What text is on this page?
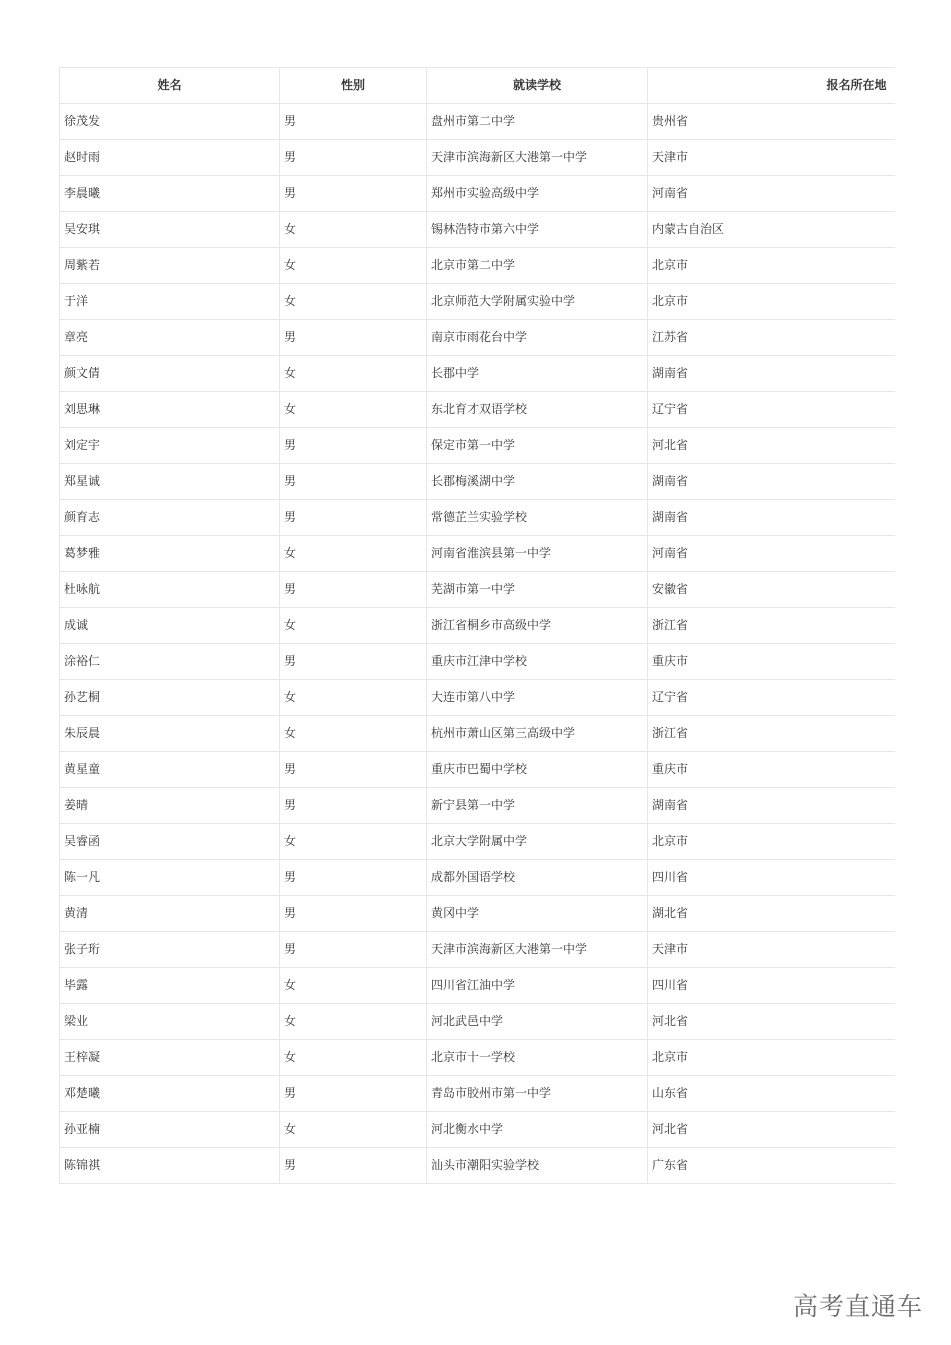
姓名	性别	就读学校	报名所在地
徐茂发	男	盘州市第二中学	贵州省
赵时雨	男	天津市滨海新区大港第一中学	天津市
李晨曦	男	郑州市实验高级中学	河南省
吴安琪	女	锡林浩特市第六中学	内蒙古自治区
周紫若	女	北京市第二中学	北京市
于洋	女	北京师范大学附属实验中学	北京市
章亮	男	南京市雨花台中学	江苏省
颜文倩	女	长郡中学	湖南省
刘思琳	女	东北育才双语学校	辽宁省
刘定宇	男	保定市第一中学	河北省
郑星诚	男	长郡梅溪湖中学	湖南省
颜育志	男	常德芷兰实验学校	湖南省
葛梦雅	女	河南省淮滨县第一中学	河南省
杜咏航	男	芜湖市第一中学	安徽省
成诚	女	浙江省桐乡市高级中学	浙江省
涂裕仁	男	重庆市江津中学校	重庆市
孙艺桐	女	大连市第八中学	辽宁省
朱辰晨	女	杭州市萧山区第三高级中学	浙江省
黄星童	男	重庆市巴蜀中学校	重庆市
姜晴	男	新宁县第一中学	湖南省
吴睿函	女	北京大学附属中学	北京市
陈一凡	男	成都外国语学校	四川省
黄清	男	黄冈中学	湖北省
张子珩	男	天津市滨海新区大港第一中学	天津市
毕露	女	四川省江油中学	四川省
梁业	女	河北武邑中学	河北省
王梓凝	女	北京市十一学校	北京市
邓楚曦	男	青岛市胶州市第一中学	山东省
孙亚楠	女	河北衡水中学	河北省
陈锦祺	男	汕头市潮阳实验学校	广东省
高考直通车
